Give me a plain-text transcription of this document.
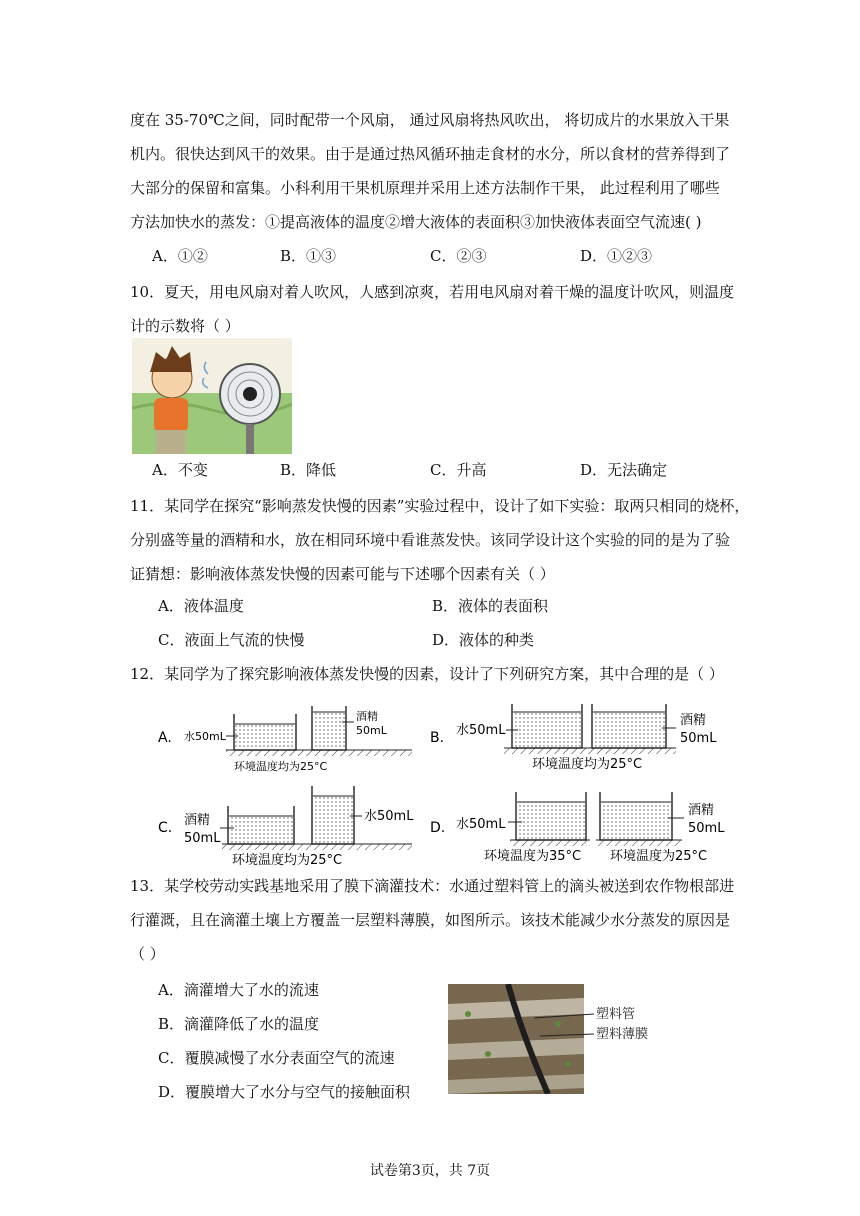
度在 35-70℃之间，同时配带一个风扇， 通过风扇将热风吹出， 将切成片的水果放入干果
机内。很快达到风干的效果。由于是通过热风循环抽走食材的水分，所以食材的营养得到了
大部分的保留和富集。小科利用干果机原理并采用上述方法制作干果， 此过程利用了哪些
方法加快水的蒸发：①提高液体的温度②增大液体的表面积③加快液体表面空气流速( )
A．①②	B．①③	C．②③	D．①②③
10．夏天，用电风扇对着人吹风，人感到凉爽，若用电风扇对着干燥的温度计吹风，则温度
计的示数将（ ）
A．不变	B．降低	C．升高	D．无法确定
11．某同学在探究“影响蒸发快慢的因素”实验过程中，设计了如下实验：取两只相同的烧杯，
分别盛等量的酒精和水，放在相同环境中看谁蒸发快。该同学设计这个实验的同的是为了验
证猜想：影响液体蒸发快慢的因素可能与下述哪个因素有关（ ）
A．液体温度	B．液体的表面积
C．液面上气流的快慢	D．液体的种类
12．某同学为了探究影响液体蒸发快慢的因素，设计了下列研究方案，其中合理的是（ ）
A. 水50mL
酒精
50mL
环境温度均为25°C
B. 水50mL
酒精
50mL
环境温度均为25°C
C. 酒精
50mL
水50mL
环境温度均为25°C
D. 水50mL
酒精
50mL
环境温度为35°C 环境温度为25°C
13．某学校劳动实践基地采用了膜下滴灌技术：水通过塑料管上的滴头被送到农作物根部进
行灌溉，且在滴灌土壤上方覆盖一层塑料薄膜，如图所示。该技术能减少水分蒸发的原因是
（ ）
A．滴灌增大了水的流速
B．滴灌降低了水的温度
C．覆膜减慢了水分表面空气的流速
D．覆膜增大了水分与空气的接触面积
塑料管
塑料薄膜
试卷第3页，共 7页
